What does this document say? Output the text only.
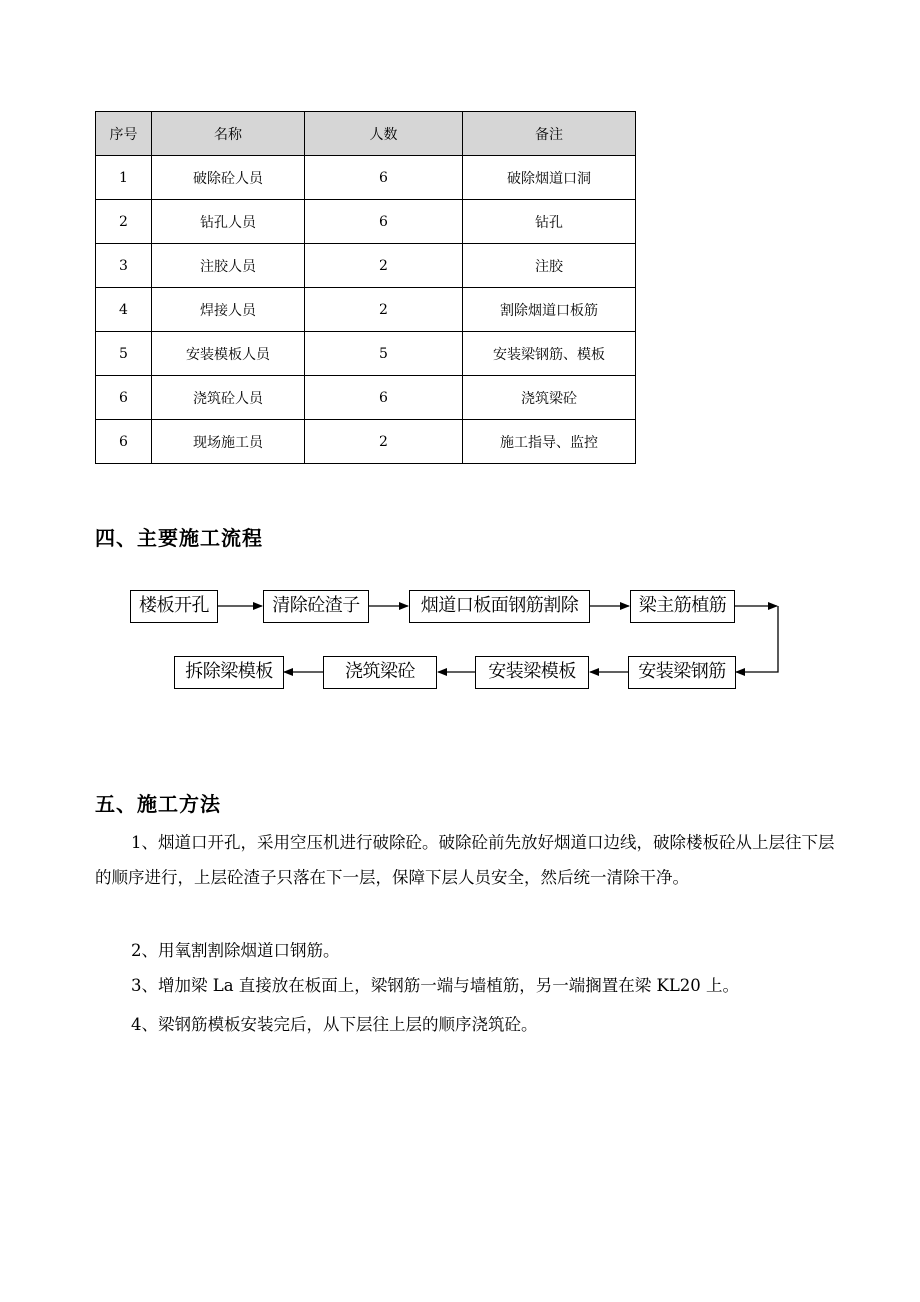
序号	名称	人数	备注
1	破除砼人员	6	破除烟道口洞
2	钻孔人员	6	钻孔
3	注胶人员	2	注胶
4	焊接人员	2	割除烟道口板筋
5	安装模板人员	5	安装梁钢筋、模板
6	浇筑砼人员	6	浇筑梁砼
6	现场施工员	2	施工指导、监控
四、主要施工流程
楼板开孔	清除砼渣子	烟道口板面钢筋割除	梁主筋植筋
安装梁钢筋
安装梁模板
浇筑梁砼
拆除梁模板
五、施工方法

1、烟道口开孔，采用空压机进行破除砼。破除砼前先放好烟道口边线，破除楼板砼从上层往下层的顺序进行，上层砼渣子只落在下一层，保障下层人员安全，然后统一清除干净。

2、用氧割割除烟道口钢筋。

3、增加梁 La 直接放在板面上，梁钢筋一端与墙植筋，另一端搁置在梁 KL20 上。

4、梁钢筋模板安装完后，从下层往上层的顺序浇筑砼。
